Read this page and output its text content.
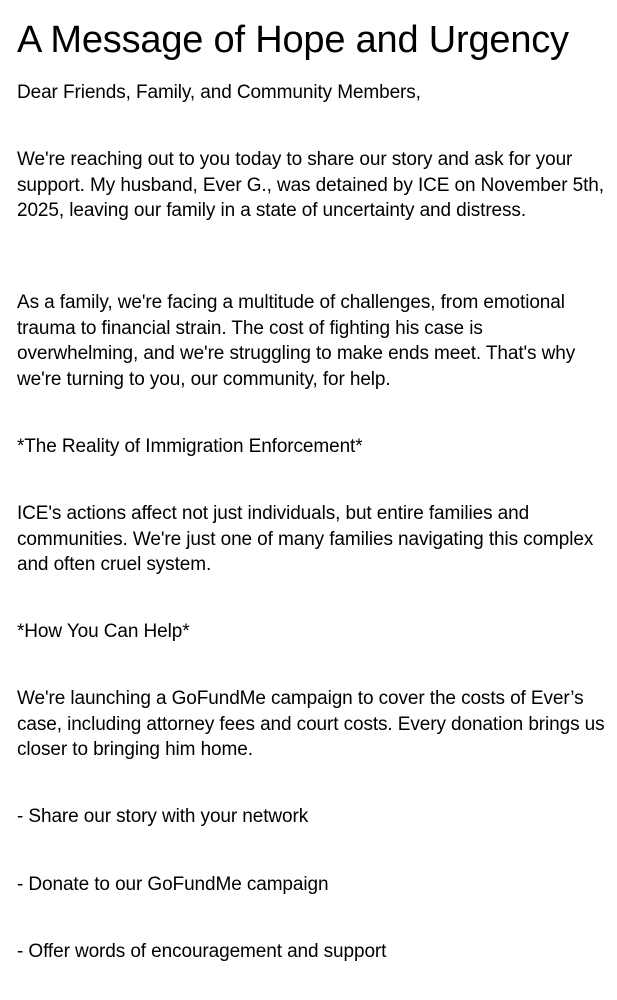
A Message of Hope and Urgency

Dear Friends, Family, and Community Members,

We're reaching out to you today to share our story and ask for your support. My husband, Ever G., was detained by ICE on November 5th, 2025, leaving our family in a state of uncertainty and distress.

As a family, we're facing a multitude of challenges, from emotional trauma to financial strain. The cost of fighting his case is overwhelming, and we're struggling to make ends meet. That's why we're turning to you, our community, for help.

*The Reality of Immigration Enforcement*

ICE's actions affect not just individuals, but entire families and communities. We're just one of many families navigating this complex and often cruel system.

*How You Can Help*

We're launching a GoFundMe campaign to cover the costs of Ever’s case, including attorney fees and court costs. Every donation brings us closer to bringing him home.

- Share our story with your network

- Donate to our GoFundMe campaign

- Offer words of encouragement and support
